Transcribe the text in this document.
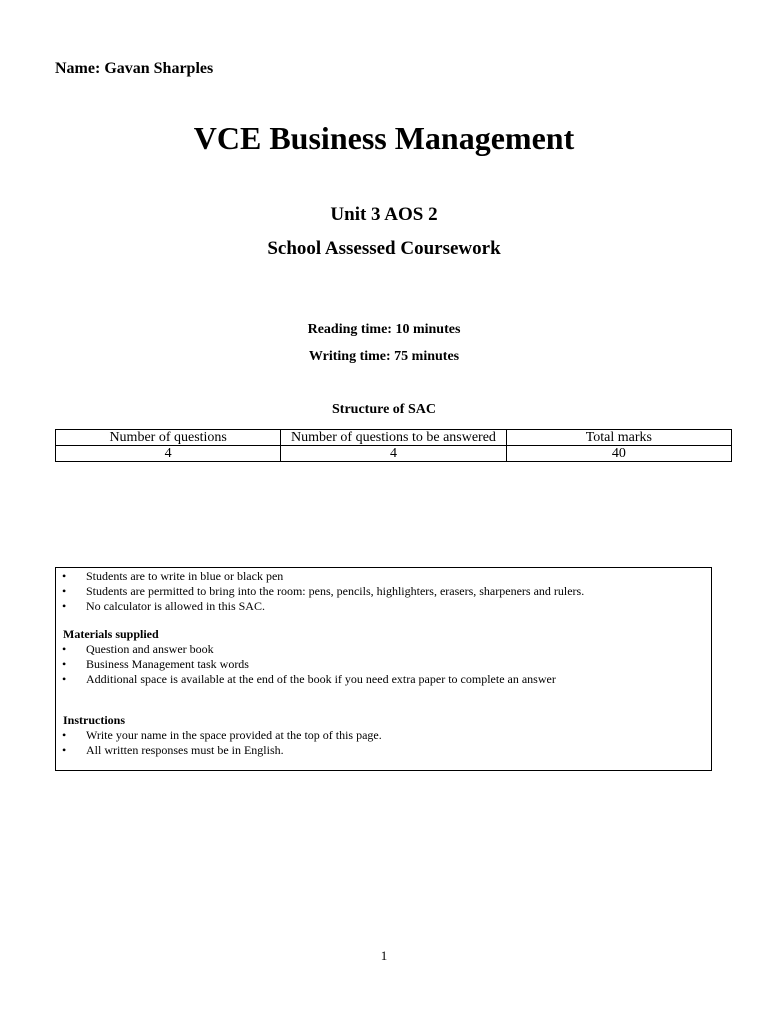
Name: Gavan Sharples
VCE Business Management
Unit 3 AOS 2
School Assessed Coursework
Reading time: 10 minutes
Writing time: 75 minutes
Structure of SAC
Number of questions	Number of questions to be answered	Total marks
4	4	40
• Students are to write in blue or black pen
• Students are permitted to bring into the room: pens, pencils, highlighters, erasers, sharpeners and rulers.
• No calculator is allowed in this SAC.
Materials supplied
• Question and answer book
• Business Management task words
• Additional space is available at the end of the book if you need extra paper to complete an answer
Instructions
• Write your name in the space provided at the top of this page.
• All written responses must be in English.
1
